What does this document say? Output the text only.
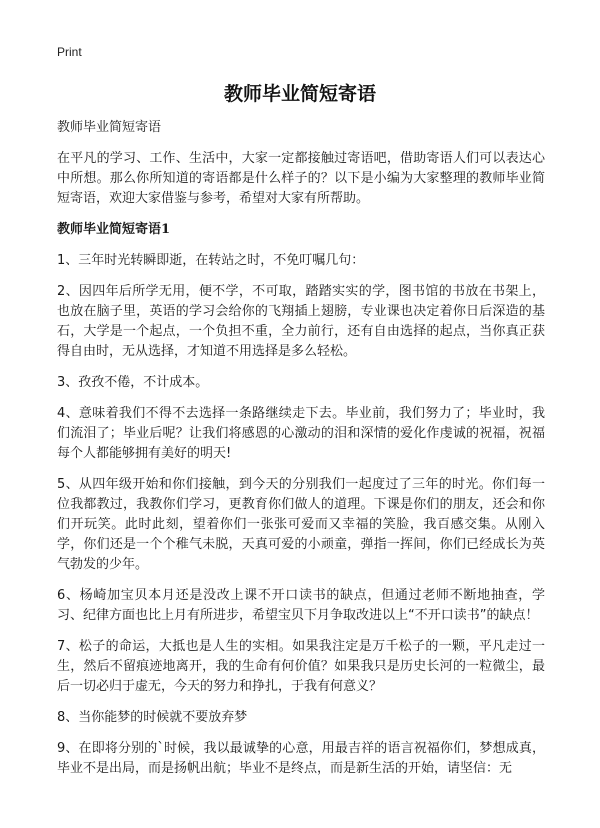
Print
教师毕业简短寄语

教师毕业简短寄语

在平凡的学习、工作、生活中，大家一定都接触过寄语吧，借助寄语人们可以表达心中所想。那么你所知道的寄语都是什么样子的？以下是小编为大家整理的教师毕业简短寄语，欢迎大家借鉴与参考，希望对大家有所帮助。

教师毕业简短寄语1

1、三年时光转瞬即逝，在转站之时，不免叮嘱几句：
2、因四年后所学无用，便不学，不可取，踏踏实实的学，图书馆的书放在书架上，也放在脑子里，英语的学习会给你的飞翔插上翅膀，专业课也决定着你日后深造的基石，大学是一个起点，一个负担不重，全力前行，还有自由选择的起点，当你真正获得自由时，无从选择，才知道不用选择是多么轻松。
3、孜孜不倦，不计成本。
4、意味着我们不得不去选择一条路继续走下去。毕业前，我们努力了；毕业时，我们流泪了；毕业后呢？让我们将感恩的心激动的泪和深情的爱化作虔诚的祝福，祝福每个人都能够拥有美好的明天!
5、从四年级开始和你们接触，到今天的分别我们一起度过了三年的时光。你们每一位我都教过，我教你们学习，更教育你们做人的道理。下课是你们的朋友，还会和你们开玩笑。此时此刻，望着你们一张张可爱而又幸福的笑脸，我百感交集。从刚入学，你们还是一个个稚气未脱，天真可爱的小顽童，弹指一挥间，你们已经成长为英气勃发的少年。
6、杨崎加宝贝本月还是没改上课不开口读书的缺点，但通过老师不断地抽查，学习、纪律方面也比上月有所进步，希望宝贝下月争取改进以上“不开口读书”的缺点！
7、松子的命运，大抵也是人生的实相。如果我注定是万千松子的一颗，平凡走过一生，然后不留痕迹地离开，我的生命有何价值？如果我只是历史长河的一粒微尘，最后一切必归于虚无，今天的努力和挣扎，于我有何意义？
8、当你能梦的时候就不要放弃梦
9、在即将分别的`时候，我以最诚挚的心意，用最吉祥的语言祝福你们，梦想成真，毕业不是出局，而是扬帆出航；毕业不是终点，而是新生活的开始，请坚信：无
